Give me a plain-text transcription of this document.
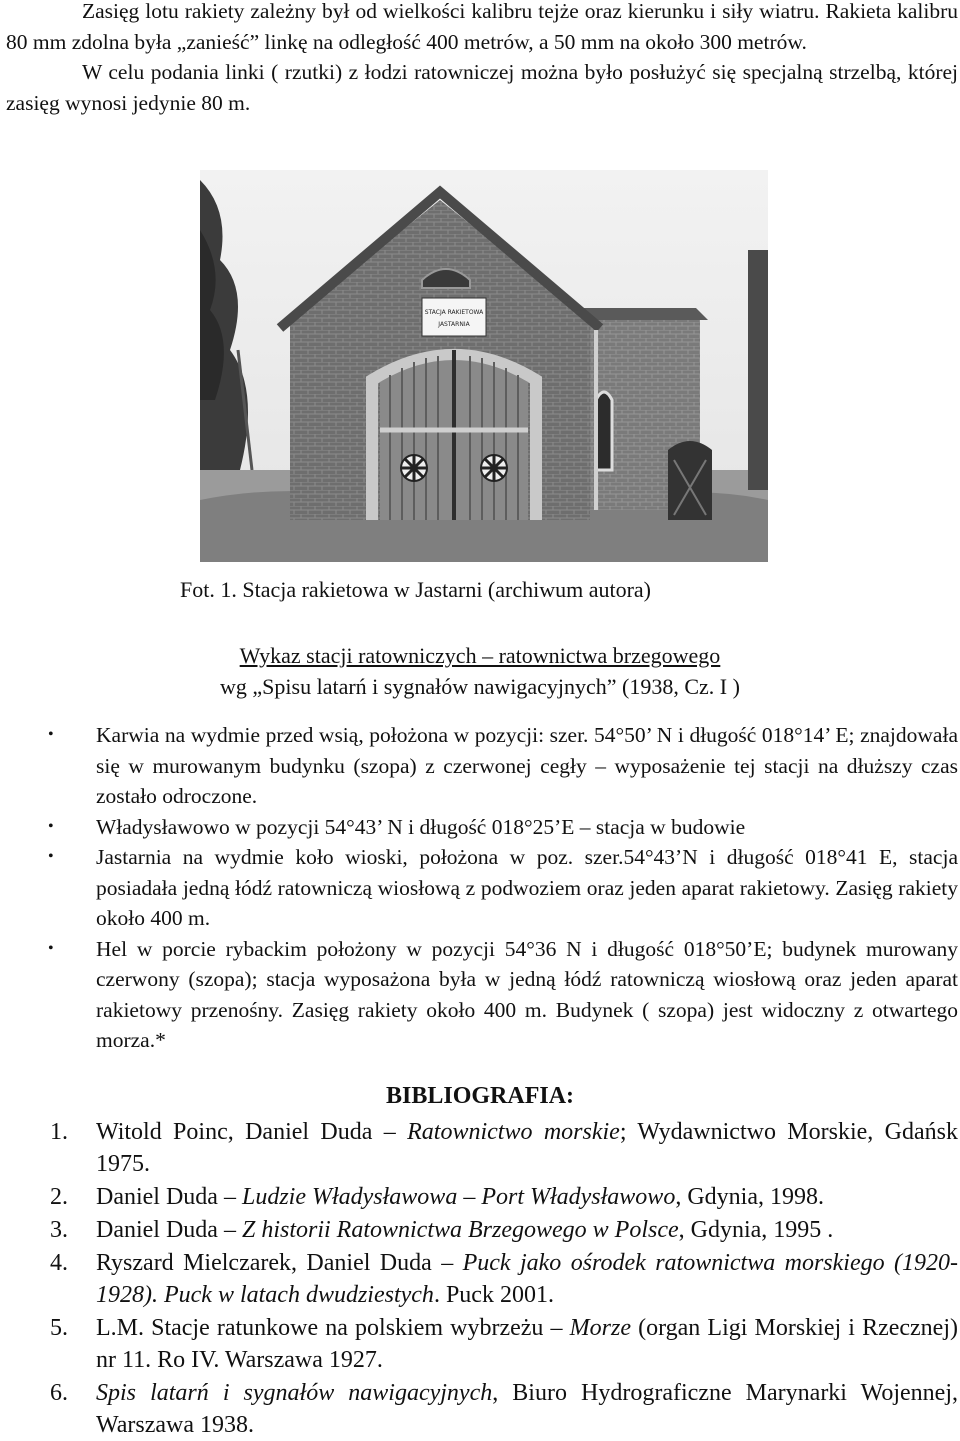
Zasięg lotu rakiety zależny był od wielkości kalibru tejże oraz kierunku i siły wiatru. Rakieta kalibru 80 mm zdolna była „zanieść” linkę na odległość 400 metrów, a 50 mm na około 300 metrów.

W celu podania linki ( rzutki) z łodzi ratowniczej można było posłużyć się specjalną strzelbą, której zasięg wynosi jedynie 80 m.

STACJA RAKIETOWA
JASTARNIA
Fot. 1. Stacja rakietowa w Jastarni (archiwum autora)
Wykaz stacji ratowniczych – ratownictwa brzegowego
wg „Spisu latarń i sygnałów nawigacyjnych” (1938, Cz. I )
• Karwia na wydmie przed wsią, położona w pozycji: szer. 54°50’ N i długość 018°14’ E; znajdowała się w murowanym budynku (szopa) z czerwonej cegły – wyposażenie tej stacji na dłuższy czas zostało odroczone.
• Władysławowo w pozycji 54°43’ N i długość 018°25’E – stacja w budowie
• Jastarnia na wydmie koło wioski, położona w poz. szer.54°43’N i długość 018°41 E, stacja posiadała jedną łódź ratowniczą wiosłową z podwoziem oraz jeden aparat rakietowy. Zasięg rakiety około 400 m.
• Hel w porcie rybackim położony w pozycji 54°36 N i długość 018°50’E; budynek murowany czerwony (szopa); stacja wyposażona była w jedną łódź ratowniczą wiosłową oraz jeden aparat rakietowy przenośny. Zasięg rakiety około 400 m. Budynek ( szopa) jest widoczny z otwartego morza.*
BIBLIOGRAFIA:
1. Witold Poinc, Daniel Duda – Ratownictwo morskie; Wydawnictwo Morskie, Gdańsk 1975.
2. Daniel Duda – Ludzie Władysławowa – Port Władysławowo, Gdynia, 1998.
3. Daniel Duda – Z historii Ratownictwa Brzegowego w Polsce, Gdynia, 1995 .
4. Ryszard Mielczarek, Daniel Duda – Puck jako ośrodek ratownictwa morskiego (1920-1928). Puck w latach dwudziestych. Puck 2001.
5. L.M. Stacje ratunkowe na polskiem wybrzeżu – Morze (organ Ligi Morskiej i Rzecznej) nr 11. Ro IV. Warszawa 1927.
6. Spis latarń i sygnałów nawigacyjnych, Biuro Hydrograficzne Marynarki Wojennej, Warszawa 1938.
